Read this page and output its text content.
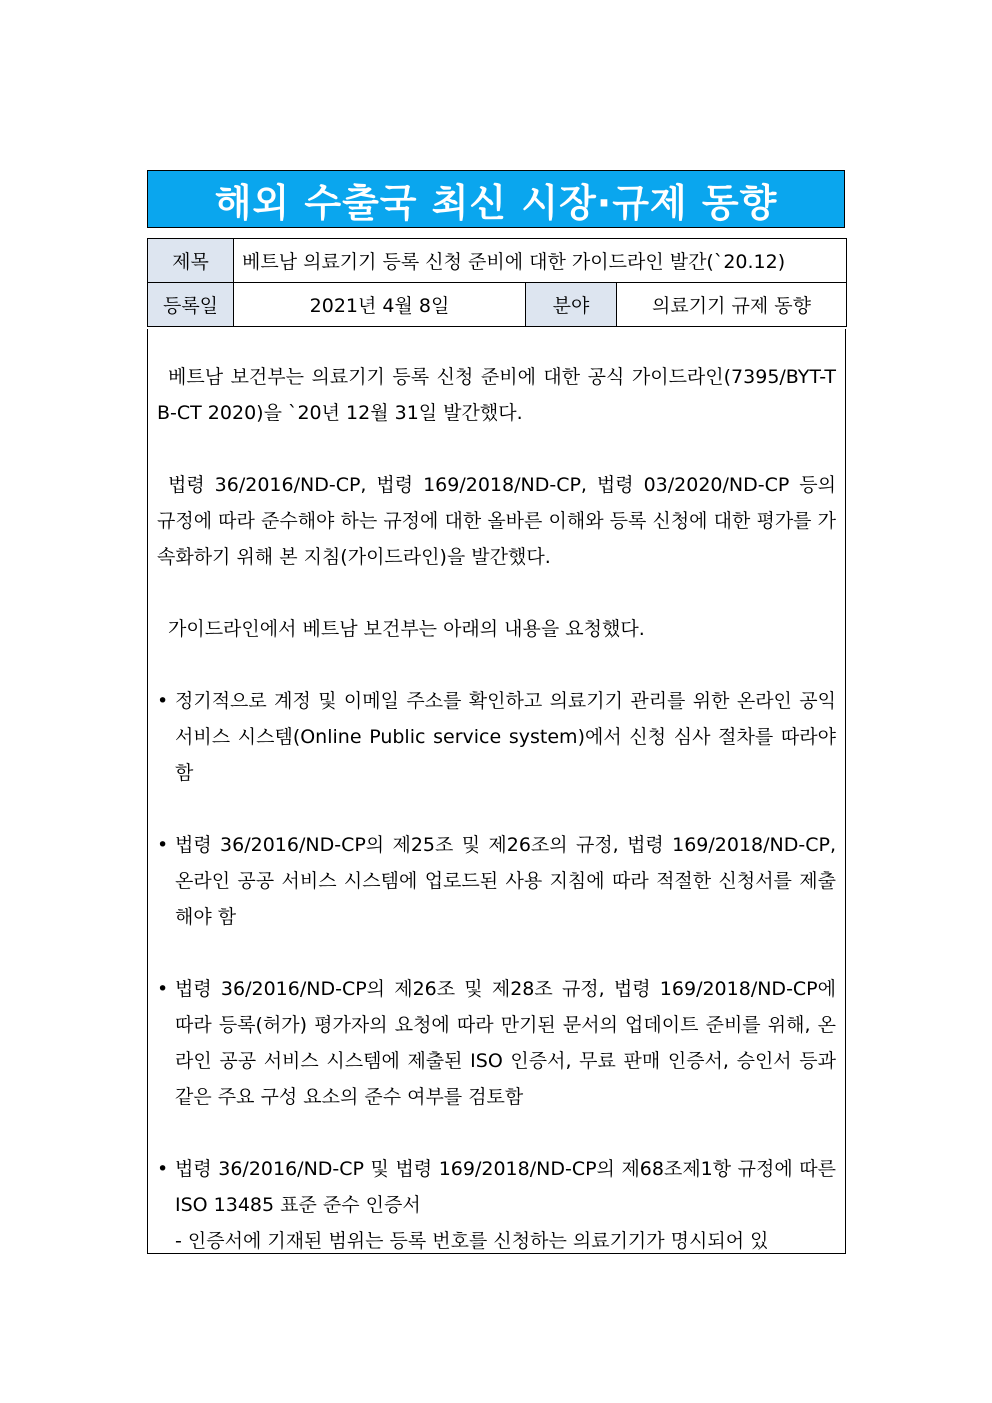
해외 수출국 최신 시장·규제 동향
제목	베트남 의료기기 등록 신청 준비에 대한 가이드라인 발간(`20.12)		
등록일	2021년 4월 8일	분야	의료기기 규제 동향

베트남 보건부는 의료기기 등록 신청 준비에 대한 공식 가이드라인(7395/BYT-TB-CT 2020)을 `20년 12월 31일 발간했다.

법령 36/2016/ND-CP, 법령 169/2018/ND-CP, 법령 03/2020/ND-CP 등의 규정에 따라 준수해야 하는 규정에 대한 올바른 이해와 등록 신청에 대한 평가를 가속화하기 위해 본 지침(가이드라인)을 발간했다.

가이드라인에서 베트남 보건부는 아래의 내용을 요청했다.

• 정기적으로 계정 및 이메일 주소를 확인하고 의료기기 관리를 위한 온라인 공익 서비스 시스템(Online Public service system)에서 신청 심사 절차를 따라야 함
• 법령 36/2016/ND-CP의 제25조 및 제26조의 규정, 법령 169/2018/ND-CP, 온라인 공공 서비스 시스템에 업로드된 사용 지침에 따라 적절한 신청서를 제출해야 함
• 법령 36/2016/ND-CP의 제26조 및 제28조 규정, 법령 169/2018/ND-CP에 따라 등록(허가) 평가자의 요청에 따라 만기된 문서의 업데이트 준비를 위해, 온라인 공공 서비스 시스템에 제출된 ISO 인증서, 무료 판매 인증서, 승인서 등과 같은 주요 구성 요소의 준수 여부를 검토함
• 법령 36/2016/ND-CP 및 법령 169/2018/ND-CP의 제68조제1항 규정에 따른 ISO 13485 표준 준수 인증서
- 인증서에 기재된 범위는 등록 번호를 신청하는 의료기기가 명시되어 있
